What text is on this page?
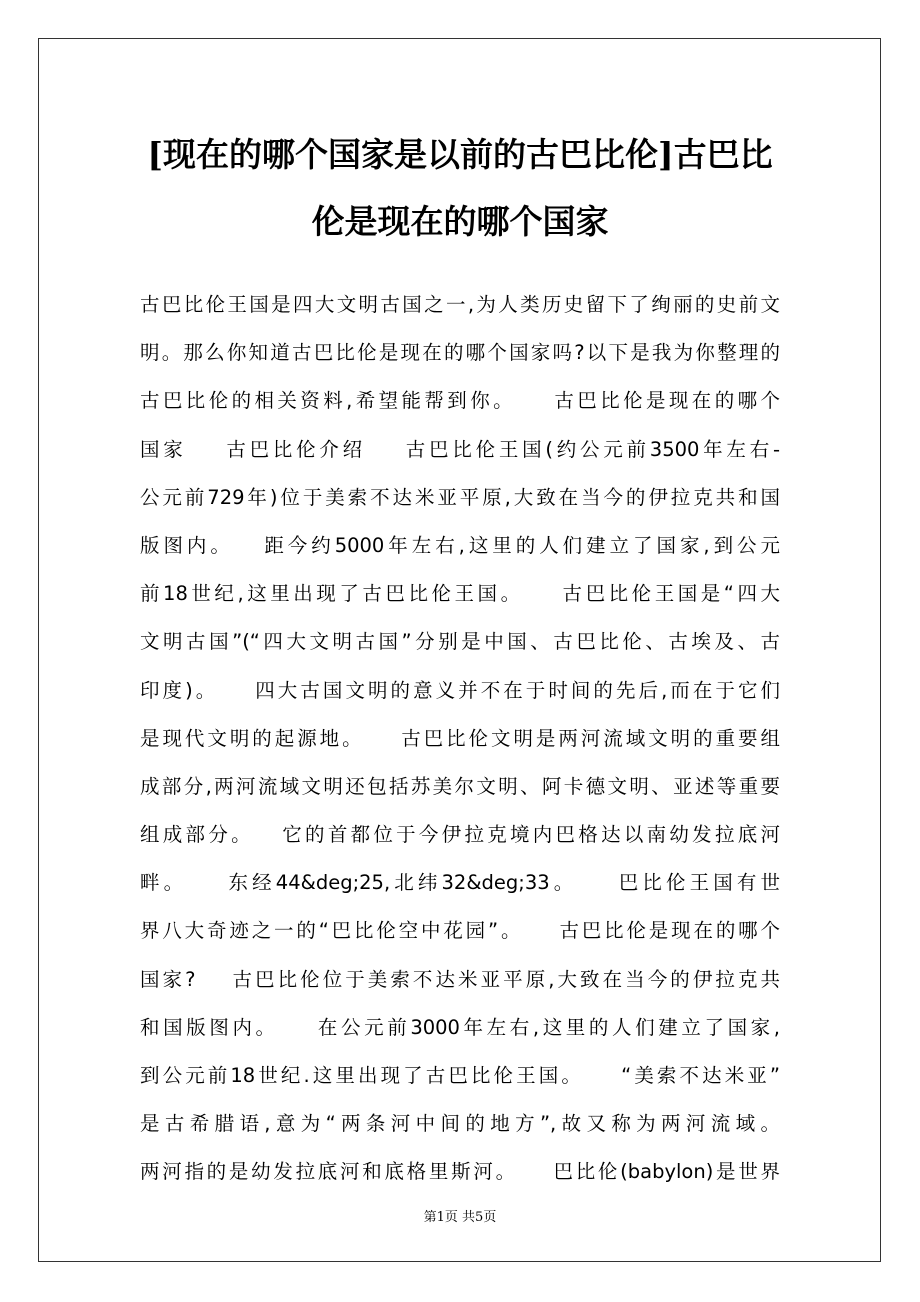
[现在的哪个国家是以前的古巴比伦]古巴比
伦是现在的哪个国家
古巴比伦王国是四大文明古国之一,为人类历史留下了绚丽的史前文
明。那么你知道古巴比伦是现在的哪个国家吗?以下是我为你整理的
古巴比伦的相关资料,希望能帮到你。    古巴比伦是现在的哪个
国家    古巴比伦介绍    古巴比伦王国(约公元前3500年左右-
公元前729年)位于美索不达米亚平原,大致在当今的伊拉克共和国
版图内。   距今约5000年左右,这里的人们建立了国家,到公元
前18世纪,这里出现了古巴比伦王国。    古巴比伦王国是“四大
文明古国”(“四大文明古国”分别是中国、古巴比伦、古埃及、古
印度)。    四大古国文明的意义并不在于时间的先后,而在于它们
是现代文明的起源地。    古巴比伦文明是两河流域文明的重要组
成部分,两河流域文明还包括苏美尔文明、阿卡德文明、亚述等重要
组成部分。   它的首都位于今伊拉克境内巴格达以南幼发拉底河
畔。    东经44&deg;25,北纬32&deg;33。    巴比伦王国有世
界八大奇迹之一的“巴比伦空中花园”。    古巴比伦是现在的哪个
国家?    古巴比伦位于美索不达米亚平原,大致在当今的伊拉克共
和国版图内。    在公元前3000年左右,这里的人们建立了国家,
到公元前18世纪.这里出现了古巴比伦王国。    “美索不达米亚”
是古希腊语,意为“两条河中间的地方”,故又称为两河流域。
两河指的是幼发拉底河和底格里斯河。    巴比伦(babylon)是世界
第1页 共5页
